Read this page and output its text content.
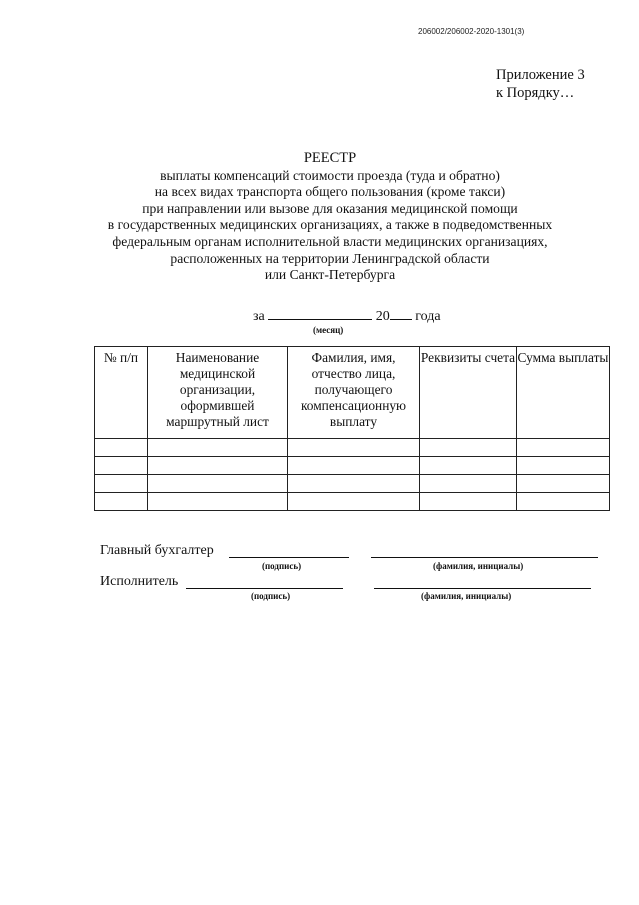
206002/206002-2020-1301(3)
Приложение 3
к Порядку…
РЕЕСТР
выплаты компенсаций стоимости проезда (туда и обратно)
на всех видах транспорта общего пользования (кроме такси)
при направлении или вызове для оказания медицинской помощи
в государственных медицинских организациях, а также в подведомственных
федеральным органам исполнительной власти медицинских организациях,
расположенных на территории Ленинградской области
или Санкт-Петербурга
за	20 года
(месяц)
№ п/п	Наименование медицинской организации, оформившей маршрутный лист	Фамилия, имя, отчество лица, получающего компенсационную выплату	Реквизиты счета	Сумма выплаты

Главный бухгалтер
(подпись)	(фамилия, инициалы)
Исполнитель
(подпись)	(фамилия, инициалы)
